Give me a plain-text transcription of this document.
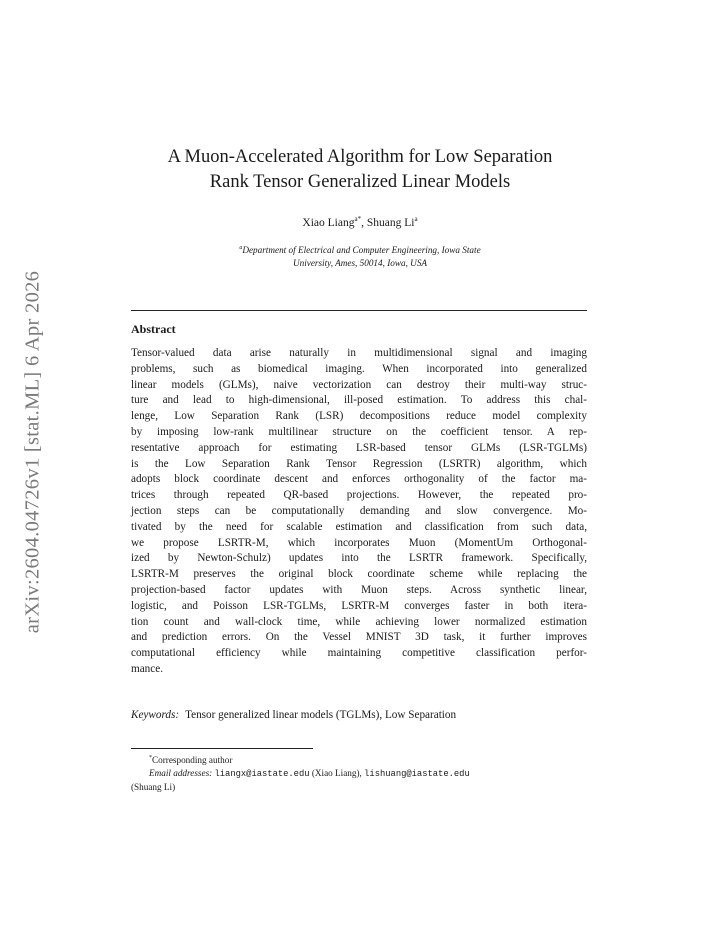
arXiv:2604.04726v1 [stat.ML] 6 Apr 2026
A Muon-Accelerated Algorithm for Low Separation
Rank Tensor Generalized Linear Models
Xiao Liang$^{a*}$, Shuang Li$^a$
$^a$Department of Electrical and Computer Engineering, Iowa State
University, Ames, 50014, Iowa, USA
Abstract
Tensor-valued data arise naturally in multidimensional signal and imaging
problems, such as biomedical imaging. When incorporated into generalized
linear models (GLMs), naive vectorization can destroy their multi-way struc-
ture and lead to high-dimensional, ill-posed estimation. To address this chal-
lenge, Low Separation Rank (LSR) decompositions reduce model complexity
by imposing low-rank multilinear structure on the coefficient tensor. A rep-
resentative approach for estimating LSR-based tensor GLMs (LSR-TGLMs)
is the Low Separation Rank Tensor Regression (LSRTR) algorithm, which
adopts block coordinate descent and enforces orthogonality of the factor ma-
trices through repeated QR-based projections. However, the repeated pro-
jection steps can be computationally demanding and slow convergence. Mo-
tivated by the need for scalable estimation and classification from such data,
we propose LSRTR-M, which incorporates Muon (MomentUm Orthogonal-
ized by Newton-Schulz) updates into the LSRTR framework. Specifically,
LSRTR-M preserves the original block coordinate scheme while replacing the
projection-based factor updates with Muon steps. Across synthetic linear,
logistic, and Poisson LSR-TGLMs, LSRTR-M converges faster in both itera-
tion count and wall-clock time, while achieving lower normalized estimation
and prediction errors. On the Vessel MNIST 3D task, it further improves
computational efficiency while maintaining competitive classification perfor-
mance.
Keywords: Tensor generalized linear models (TGLMs), Low Separation
*Corresponding author
Email addresses: liangx@iastate.edu (Xiao Liang), lishuang@iastate.edu
(Shuang Li)
